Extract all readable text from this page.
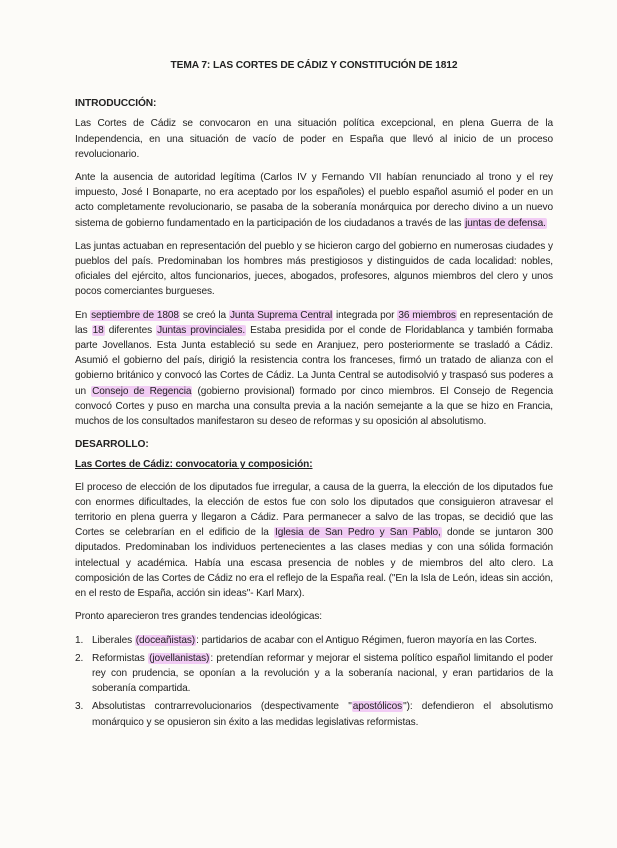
TEMA 7: LAS CORTES DE CÁDIZ Y CONSTITUCIÓN DE 1812
INTRODUCCIÓN:

Las Cortes de Cádiz se convocaron en una situación política excepcional, en plena Guerra de la Independencia, en una situación de vacío de poder en España que llevó al inicio de un proceso revolucionario.

Ante la ausencia de autoridad legítima (Carlos IV y Fernando VII habían renunciado al trono y el rey impuesto, José I Bonaparte, no era aceptado por los españoles) el pueblo español asumió el poder en un acto completamente revolucionario, se pasaba de la soberanía monárquica por derecho divino a un nuevo sistema de gobierno fundamentado en la participación de los ciudadanos a través de las juntas de defensa.

Las juntas actuaban en representación del pueblo y se hicieron cargo del gobierno en numerosas ciudades y pueblos del país. Predominaban los hombres más prestigiosos y distinguidos de cada localidad: nobles, oficiales del ejército, altos funcionarios, jueces, abogados, profesores, algunos miembros del clero y unos pocos comerciantes burgueses.

En septiembre de 1808 se creó la Junta Suprema Central integrada por 36 miembros en representación de las 18 diferentes Juntas provinciales. Estaba presidida por el conde de Floridablanca y también formaba parte Jovellanos. Esta Junta estableció su sede en Aranjuez, pero posteriormente se trasladó a Cádiz. Asumió el gobierno del país, dirigió la resistencia contra los franceses, firmó un tratado de alianza con el gobierno británico y convocó las Cortes de Cádiz. La Junta Central se autodisolvió y traspasó sus poderes a un Consejo de Regencia (gobierno provisional) formado por cinco miembros. El Consejo de Regencia convocó Cortes y puso en marcha una consulta previa a la nación semejante a la que se hizo en Francia, muchos de los consultados manifestaron su deseo de reformas y su oposición al absolutismo.

DESARROLLO:
Las Cortes de Cádiz: convocatoria y composición:

El proceso de elección de los diputados fue irregular, a causa de la guerra, la elección de los diputados fue con enormes dificultades, la elección de estos fue con solo los diputados que consiguieron atravesar el territorio en plena guerra y llegaron a Cádiz. Para permanecer a salvo de las tropas, se decidió que las Cortes se celebrarían en el edificio de la Iglesia de San Pedro y San Pablo, donde se juntaron 300 diputados. Predominaban los individuos pertenecientes a las clases medias y con una sólida formación intelectual y académica. Había una escasa presencia de nobles y de miembros del alto clero. La composición de las Cortes de Cádiz no era el reflejo de la España real. ("En la Isla de León, ideas sin acción, en el resto de España, acción sin ideas"- Karl Marx).

Pronto aparecieron tres grandes tendencias ideológicas:

1. Liberales (doceañistas): partidarios de acabar con el Antiguo Régimen, fueron mayoría en las Cortes.
2. Reformistas (jovellanistas): pretendían reformar y mejorar el sistema político español limitando el poder rey con prudencia, se oponían a la revolución y a la soberanía nacional, y eran partidarios de la soberanía compartida.
3. Absolutistas contrarrevolucionarios (despectivamente "apostólicos"): defendieron el absolutismo monárquico y se opusieron sin éxito a las medidas legislativas reformistas.
